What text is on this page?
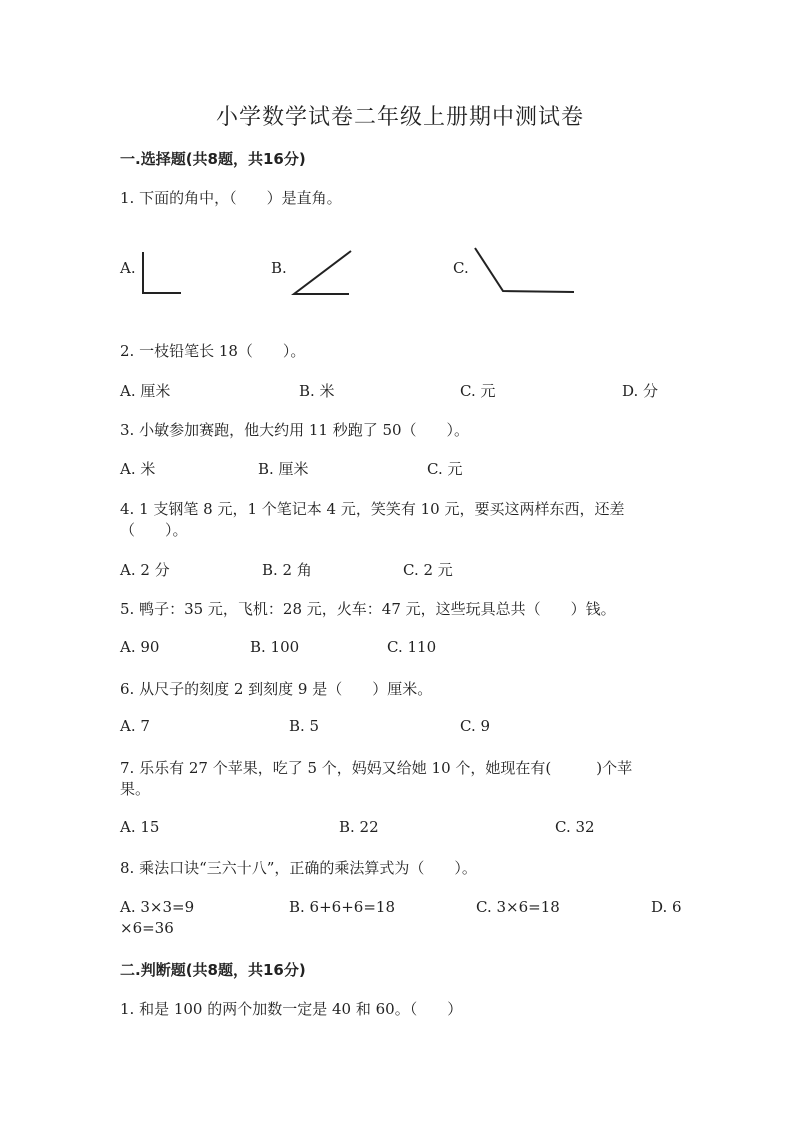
小学数学试卷二年级上册期中测试卷
一.选择题(共8题，共16分)
1. 下面的角中，（　　）是直角。
A.	B.	C.
2. 一枝铅笔长 18（　　）。
A. 厘米	B. 米	C. 元	D. 分
3. 小敏参加赛跑，他大约用 11 秒跑了 50（　　）。
A. 米	B. 厘米	C. 元
4. 1 支钢笔 8 元，1 个笔记本 4 元，笑笑有 10 元，要买这两样东西，还差
（　　）。
A. 2 分	B. 2 角	C. 2 元
5. 鸭子：35 元，飞机：28 元，火车：47 元，这些玩具总共（　　）钱。
A. 90	B. 100	C. 110
6. 从尺子的刻度 2 到刻度 9 是（　　）厘米。
A. 7	B. 5	C. 9
7. 乐乐有 27 个苹果，吃了 5 个，妈妈又给她 10 个，她现在有(　　　)个苹
果。
A. 15	B. 22	C. 32
8. 乘法口诀“三六十八”，正确的乘法算式为（　　）。
A. 3×3=9	B. 6+6+6=18	C. 3×6=18	D. 6
×6=36
二.判断题(共8题，共16分)
1. 和是 100 的两个加数一定是 40 和 60。（　　）
